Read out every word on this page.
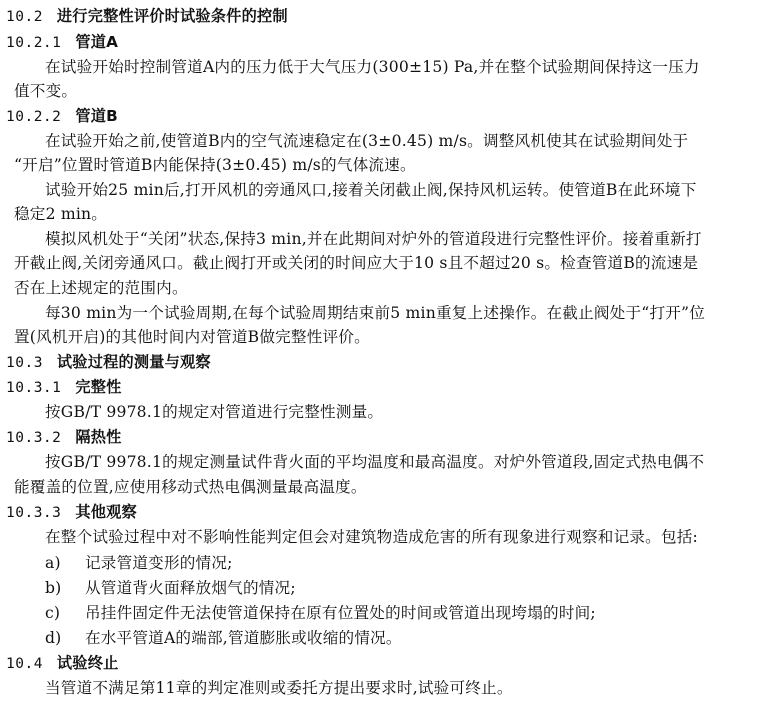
10.2 进行完整性评价时试验条件的控制
10.2.1 管道A
在试验开始时控制管道A内的压力低于大气压力(300±15) Pa,并在整个试验期间保持这一压力
值不变。
10.2.2 管道B
在试验开始之前,使管道B内的空气流速稳定在(3±0.45) m/s。调整风机使其在试验期间处于
“开启”位置时管道B内能保持(3±0.45) m/s的气体流速。
试验开始25 min后,打开风机的旁通风口,接着关闭截止阀,保持风机运转。使管道B在此环境下
稳定2 min。
模拟风机处于“关闭”状态,保持3 min,并在此期间对炉外的管道段进行完整性评价。接着重新打
开截止阀,关闭旁通风口。截止阀打开或关闭的时间应大于10 s且不超过20 s。检查管道B的流速是
否在上述规定的范围内。
每30 min为一个试验周期,在每个试验周期结束前5 min重复上述操作。在截止阀处于“打开”位
置(风机开启)的其他时间内对管道B做完整性评价。
10.3 试验过程的测量与观察
10.3.1 完整性
按GB/T 9978.1的规定对管道进行完整性测量。
10.3.2 隔热性
按GB/T 9978.1的规定测量试件背火面的平均温度和最高温度。对炉外管道段,固定式热电偶不
能覆盖的位置,应使用移动式热电偶测量最高温度。
10.3.3 其他观察
在整个试验过程中对不影响性能判定但会对建筑物造成危害的所有现象进行观察和记录。包括:
a) 记录管道变形的情况;
b) 从管道背火面释放烟气的情况;
c) 吊挂件固定件无法使管道保持在原有位置处的时间或管道出现垮塌的时间;
d) 在水平管道A的端部,管道膨胀或收缩的情况。
10.4 试验终止
当管道不满足第11章的判定准则或委托方提出要求时,试验可终止。
